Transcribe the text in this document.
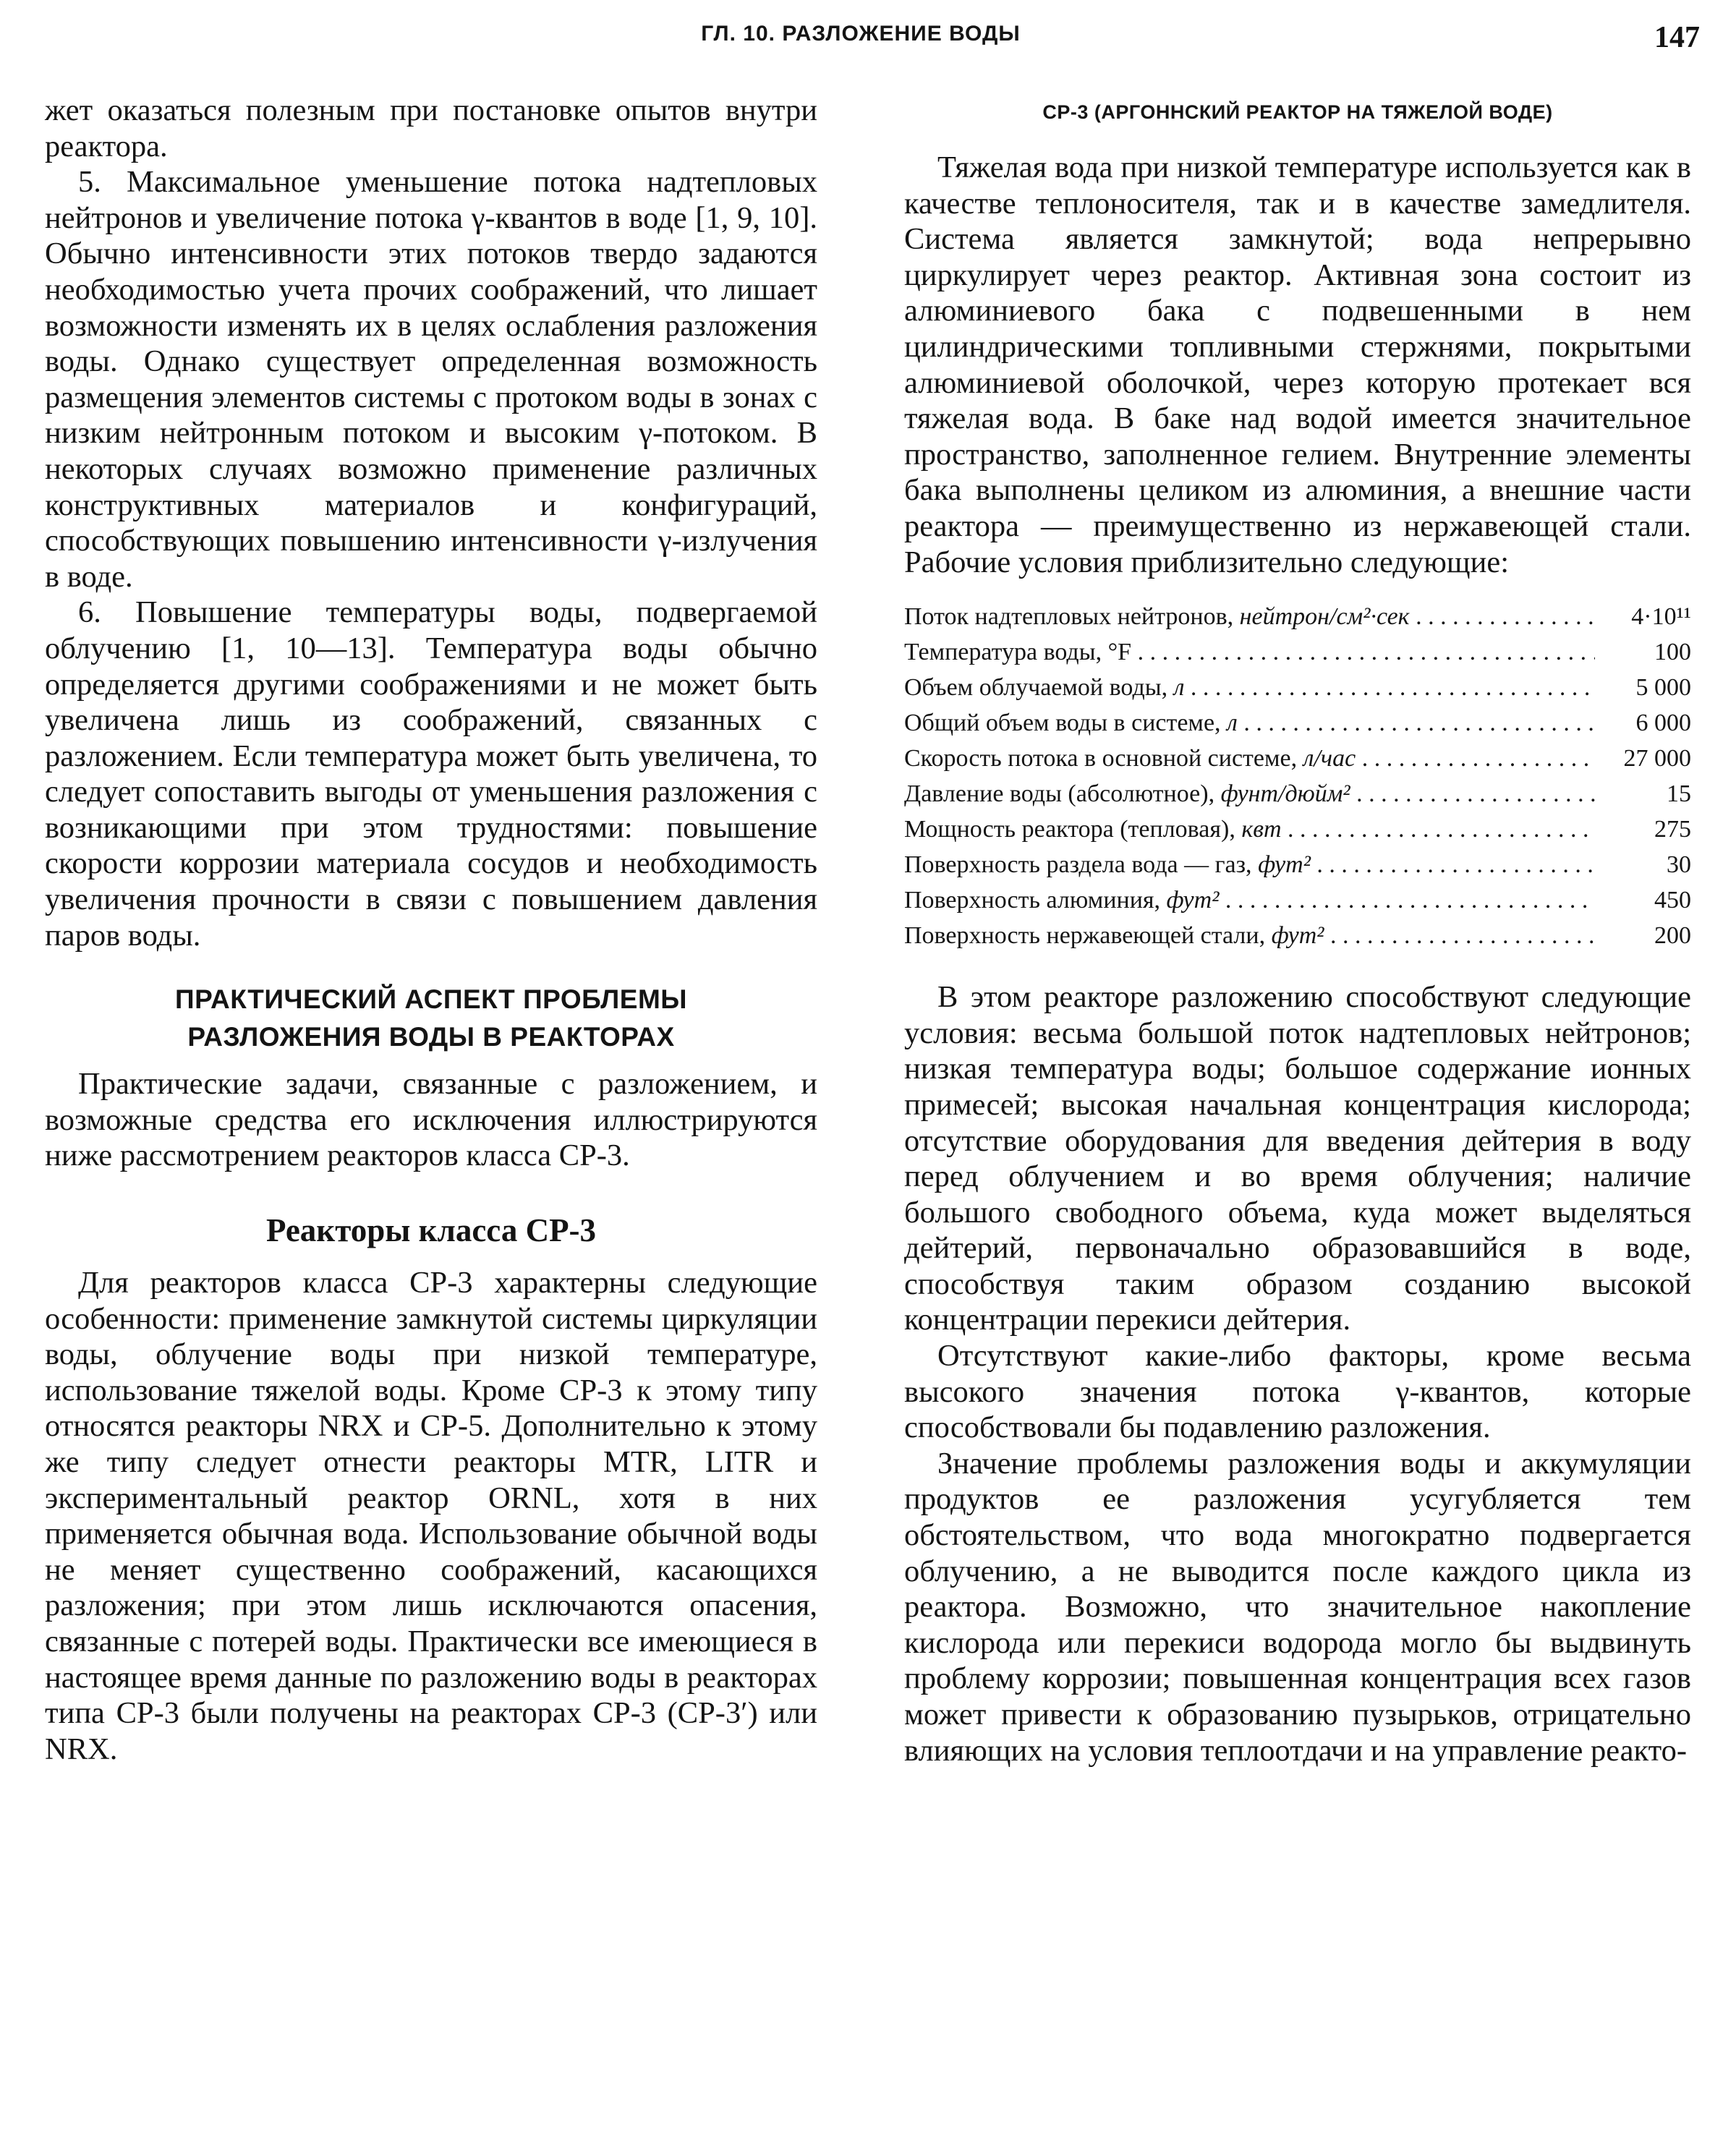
ГЛ. 10. РАЗЛОЖЕНИЕ ВОДЫ	147

жет оказаться полезным при постановке опытов внутри реактора.

5. Максимальное уменьшение потока надтепловых нейтронов и увеличение потока γ-квантов в воде [1, 9, 10]. Обычно интенсивности этих потоков твердо задаются необходимостью учета прочих соображений, что лишает возможности изменять их в целях ослабления разложения воды. Однако существует определенная возможность размещения элементов системы с протоком воды в зонах с низким нейтронным потоком и высоким γ-потоком. В некоторых случаях возможно применение различных конструктивных материалов и конфигураций, способствующих повышению интенсивности γ-излучения в воде.

6. Повышение температуры воды, подвергаемой облучению [1, 10—13]. Температура воды обычно определяется другими соображениями и не может быть увеличена лишь из соображений, связанных с разложением. Если температура может быть увеличена, то следует сопоставить выгоды от уменьшения разложения с возникающими при этом трудностями: повышение скорости коррозии материала сосудов и необходимость увеличения прочности в связи с повышением давления паров воды.

ПРАКТИЧЕСКИЙ АСПЕКТ ПРОБЛЕМЫ
РАЗЛОЖЕНИЯ ВОДЫ В РЕАКТОРАХ

Практические задачи, связанные с разложением, и возможные средства его исключения иллюстрируются ниже рассмотрением реакторов класса СР-3.

Реакторы класса СР-3

Для реакторов класса СР-3 характерны следующие особенности: применение замкнутой системы циркуляции воды, облучение воды при низкой температуре, использование тяжелой воды. Кроме СР-3 к этому типу относятся реакторы NRX и СР-5. Дополнительно к этому же типу следует отнести реакторы MTR, LITR и экспериментальный реактор ORNL, хотя в них применяется обычная вода. Использование обычной воды не меняет существенно соображений, касающихся разложения; при этом лишь исключаются опасения, связанные с потерей воды. Практически все имеющиеся в настоящее время данные по разложению воды в реакторах типа СР-3 были получены на реакторах СР-3 (СР-3′) или NRX.

СР-3 (АРГОННСКИЙ РЕАКТОР НА ТЯЖЕЛОЙ ВОДЕ)

Тяжелая вода при низкой температуре используется как в качестве теплоносителя, так и в качестве замедлителя. Система является замкнутой; вода непрерывно циркулирует через реактор. Активная зона состоит из алюминиевого бака с подвешенными в нем цилиндрическими топливными стержнями, покрытыми алюминиевой оболочкой, через которую протекает вся тяжелая вода. В баке над водой имеется значительное пространство, заполненное гелием. Внутренние элементы бака выполнены целиком из алюминия, а внешние части реактора — преимущественно из нержавеющей стали. Рабочие условия приблизительно следующие:

Поток надтепловых нейтронов, нейтрон/см²·сек . . .	4·10¹¹

Температура воды, °F . . .	100

Объем облучаемой воды, л . . .	5 000

Общий объем воды в системе, л . . .	6 000

Скорость потока в основной системе, л/час . . .	27 000

Давление воды (абсолютное), фунт/дюйм² . . .	15

Мощность реактора (тепловая), квт . . .	275

Поверхность раздела вода — газ, фут² . . .	30

Поверхность алюминия, фут² . . .	450

Поверхность нержавеющей стали, фут² . . .	200

В этом реакторе разложению способствуют следующие условия: весьма большой поток надтепловых нейтронов; низкая температура воды; большое содержание ионных примесей; высокая начальная концентрация кислорода; отсутствие оборудования для введения дейтерия в воду перед облучением и во время облучения; наличие большого свободного объема, куда может выделяться дейтерий, первоначально образовавшийся в воде, способствуя таким образом созданию высокой концентрации перекиси дейтерия.

Отсутствуют какие-либо факторы, кроме весьма высокого значения потока γ-квантов, которые способствовали бы подавлению разложения.

Значение проблемы разложения воды и аккумуляции продуктов ее разложения усугубляется тем обстоятельством, что вода многократно подвергается облучению, а не выводится после каждого цикла из реактора. Возможно, что значительное накопление кислорода или перекиси водорода могло бы выдвинуть проблему коррозии; повышенная концентрация всех газов может привести к образованию пузырьков, отрицательно влияющих на условия теплоотдачи и на управление реакто-
